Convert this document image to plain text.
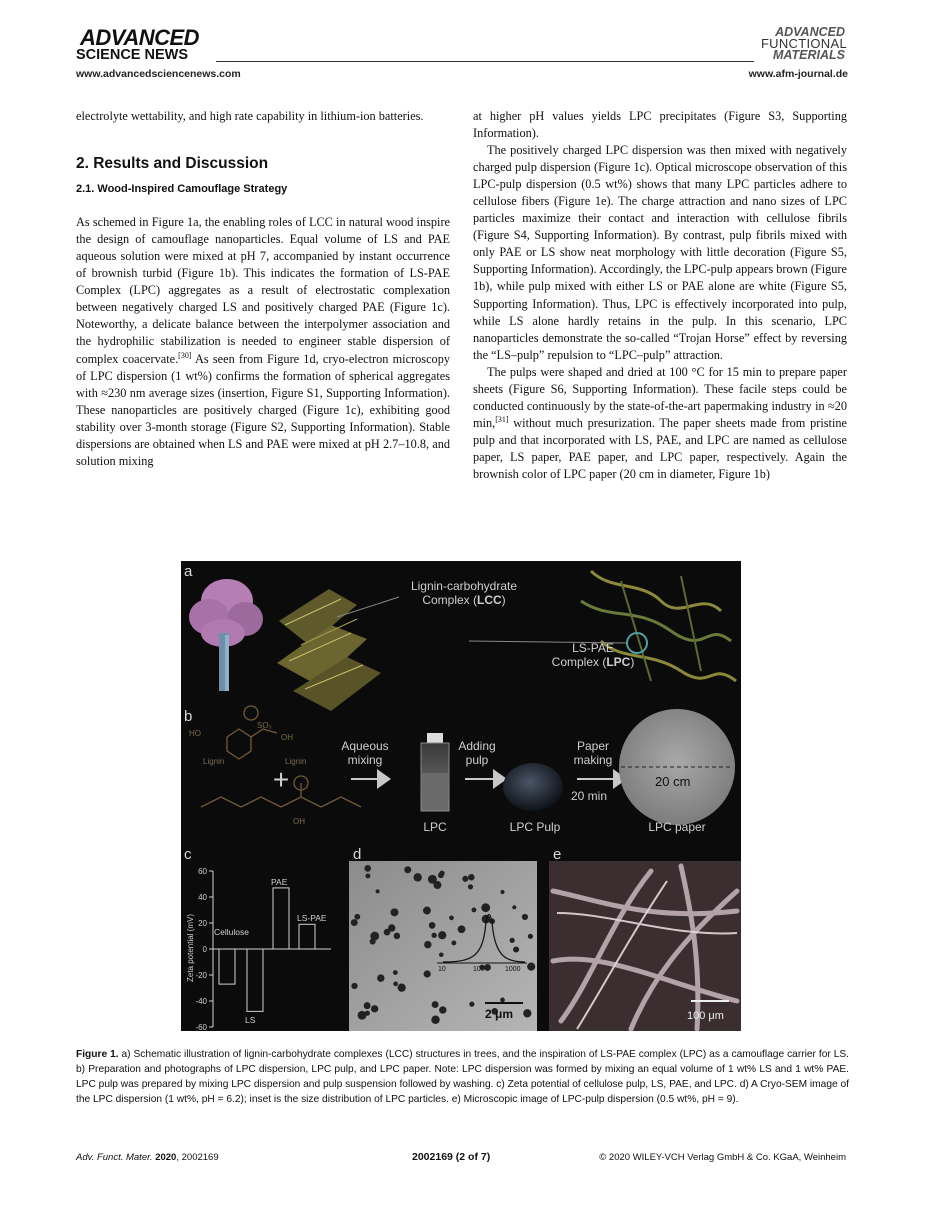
ADVANCED
SCIENCE NEWS
ADVANCED
FUNCTIONAL
MATERIALS
www.advancedsciencenews.com	www.afm-journal.de

electrolyte wettability, and high rate capability in lithium-ion batteries.

2. Results and Discussion

2.1. Wood-Inspired Camouflage Strategy

As schemed in Figure 1a, the enabling roles of LCC in natural wood inspire the design of camouflage nanoparticles. Equal volume of LS and PAE aqueous solution were mixed at pH 7, accompanied by instant occurrence of brownish turbid (Figure 1b). This indicates the formation of LS-PAE Complex (LPC) aggregates as a result of electrostatic complexation between negatively charged LS and positively charged PAE (Figure 1c). Noteworthy, a delicate balance between the interpolymer association and the hydrophilic stabilization is needed to engineer stable dispersion of complex coacervate.[30] As seen from Figure 1d, cryo-electron microscopy of LPC dispersion (1 wt%) confirms the formation of spherical aggregates with ≈230 nm average sizes (insertion, Figure S1, Supporting Information). These nanoparticles are positively charged (Figure 1c), exhibiting good stability over 3-month storage (Figure S2, Supporting Information). Stable dispersions are obtained when LS and PAE were mixed at pH 2.7–10.8, and solution mixing

at higher pH values yields LPC precipitates (Figure S3, Supporting Information).

The positively charged LPC dispersion was then mixed with negatively charged pulp dispersion (Figure 1c). Optical microscope observation of this LPC-pulp dispersion (0.5 wt%) shows that many LPC particles adhere to cellulose fibers (Figure 1e). The charge attraction and nano sizes of LPC particles maximize their contact and interaction with cellulose fibrils (Figure S4, Supporting Information). By contrast, pulp fibrils mixed with only PAE or LS show neat morphology with little decoration (Figure S5, Supporting Information). Accordingly, the LPC-pulp appears brown (Figure 1b), while pulp mixed with either LS or PAE alone are white (Figure S5, Supporting Information). Thus, LPC is effectively incorporated into pulp, while LS alone hardly retains in the pulp. In this scenario, LPC nanoparticles demonstrate the so-called “Trojan Horse” effect by reversing the “LS–pulp” repulsion to “LPC–pulp” attraction.

The pulps were shaped and dried at 100 °C for 15 min to prepare paper sheets (Figure S6, Supporting Information). These facile steps could be conducted continuously by the state-of-the-art papermaking industry in ≈20 min,[31] without much presurization. The paper sheets made from pristine pulp and that incorporated with LS, PAE, and LPC are named as cellulose paper, LS paper, PAE paper, and LPC paper, respectively. Again the brownish color of LPC paper (20 cm in diameter, Figure 1b)

+
a
b
c	d	e
Lignin-carbohydrate
Complex (LCC)
LS-PAE
Complex (LPC)
HO
SO₃
Lignin	Lignin
OH
OH
Aqueous
mixing
Adding
pulp
Paper
making
20 min
20 cm
LPC	LPC Pulp	LPC paper
Zeta potential (mV)
60
40
20
0
-20
-40
-60
Cellulose
LS
PAE
LS-PAE
10	100	1000
2 μm	100 μm
Figure 1. a) Schematic illustration of lignin-carbohydrate complexes (LCC) structures in trees, and the inspiration of LS-PAE complex (LPC) as a camouflage carrier for LS. b) Preparation and photographs of LPC dispersion, LPC pulp, and LPC paper. Note: LPC dispersion was formed by mixing an equal volume of 1 wt% LS and 1 wt% PAE. LPC pulp was prepared by mixing LPC dispersion and pulp suspension followed by washing. c) Zeta potential of cellulose pulp, LS, PAE, and LPC. d) A Cryo-SEM image of the LPC dispersion (1 wt%, pH = 6.2); inset is the size distribution of LPC particles. e) Microscopic image of LPC-pulp dispersion (0.5 wt%, pH = 9).
Adv. Funct. Mater. 2020, 2002169	2002169 (2 of 7)	© 2020 WILEY-VCH Verlag GmbH & Co. KGaA, Weinheim
